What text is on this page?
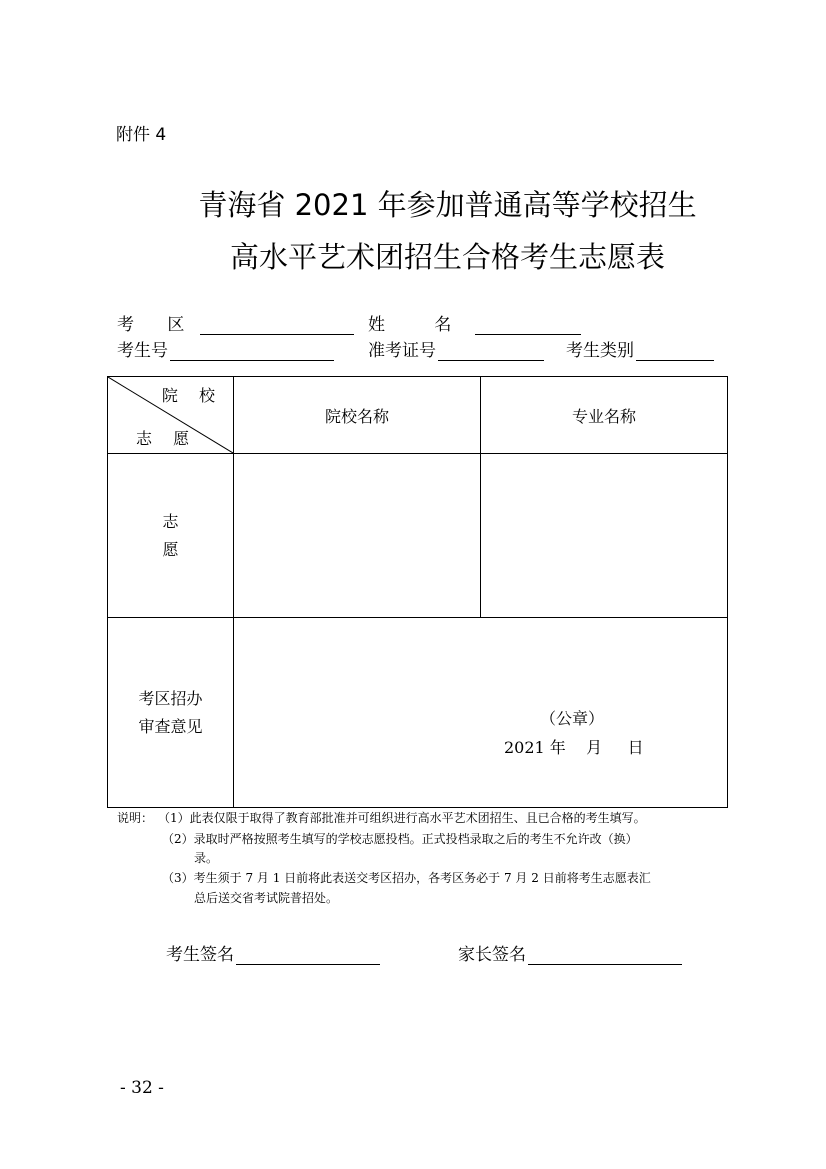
附件 4
青海省 2021 年参加普通高等学校招生
高水平艺术团招生合格考生志愿表
考 区	姓 名
考生号	准考证号	考生类别
院 校
志 愿	院校名称	专业名称

志
愿		

考区招办
审查意见		
		（公章）
2021 年    月     日
说明： （1）此表仅限于取得了教育部批准并可组织进行高水平艺术团招生、且已合格的考生填写。
（2）录取时严格按照考生填写的学校志愿投档。正式投档录取之后的考生不允许改（换）
录。
（3）考生须于 7 月 1 日前将此表送交考区招办，各考区务必于 7 月 2 日前将考生志愿表汇
总后送交省考试院普招处。
考生签名	家长签名
- 32 -
